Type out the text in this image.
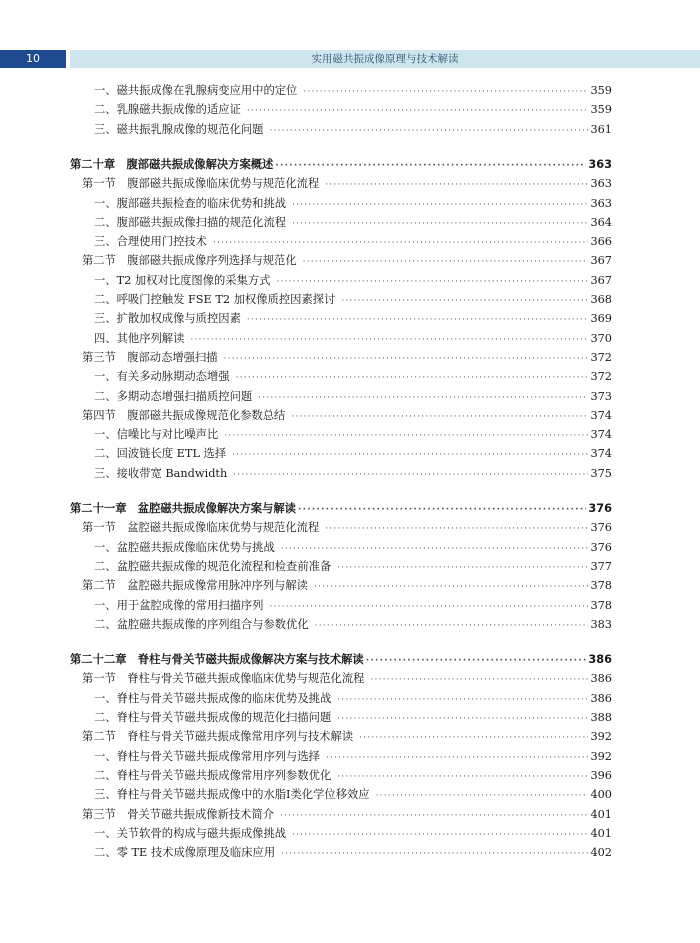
10	实用磁共振成像原理与技术解读
一、磁共振成像在乳腺病变应用中的定位 ·····	359
二、乳腺磁共振成像的适应证 ·····	359
三、磁共振乳腺成像的规范化问题 ·····	361
第二十章　腹部磁共振成像解决方案概述 ·····	363
第一节　腹部磁共振成像临床优势与规范化流程 ·····	363
一、腹部磁共振检查的临床优势和挑战 ·····	363
二、腹部磁共振成像扫描的规范化流程 ·····	364
三、合理使用门控技术 ·····	366
第二节　腹部磁共振成像序列选择与规范化 ·····	367
一、T2 加权对比度图像的采集方式 ·····	367
二、呼吸门控触发 FSE T2 加权像质控因素探讨 ·····	368
三、扩散加权成像与质控因素 ·····	369
四、其他序列解读 ·····	370
第三节　腹部动态增强扫描 ·····	372
一、有关多动脉期动态增强 ·····	372
二、多期动态增强扫描质控问题 ·····	373
第四节　腹部磁共振成像规范化参数总结 ·····	374
一、信噪比与对比噪声比 ·····	374
二、回波链长度 ETL 选择 ·····	374
三、接收带宽 Bandwidth ·····	375
第二十一章　盆腔磁共振成像解决方案与解读 ·····	376
第一节　盆腔磁共振成像临床优势与规范化流程 ·····	376
一、盆腔磁共振成像临床优势与挑战 ·····	376
二、盆腔磁共振成像的规范化流程和检查前准备 ·····	377
第二节　盆腔磁共振成像常用脉冲序列与解读 ·····	378
一、用于盆腔成像的常用扫描序列 ·····	378
二、盆腔磁共振成像的序列组合与参数优化 ·····	383
第二十二章　脊柱与骨关节磁共振成像解决方案与技术解读 ·····	386
第一节　脊柱与骨关节磁共振成像临床优势与规范化流程 ·····	386
一、脊柱与骨关节磁共振成像的临床优势及挑战 ·····	386
二、脊柱与骨关节磁共振成像的规范化扫描问题 ·····	388
第二节　脊柱与骨关节磁共振成像常用序列与技术解读 ·····	392
一、脊柱与骨关节磁共振成像常用序列与选择 ·····	392
二、脊柱与骨关节磁共振成像常用序列参数优化 ·····	396
三、脊柱与骨关节磁共振成像中的水脂Ⅰ类化学位移效应 ·····	400
第三节　骨关节磁共振成像新技术简介 ·····	401
一、关节软骨的构成与磁共振成像挑战 ·····	401
二、零 TE 技术成像原理及临床应用 ·····	402
